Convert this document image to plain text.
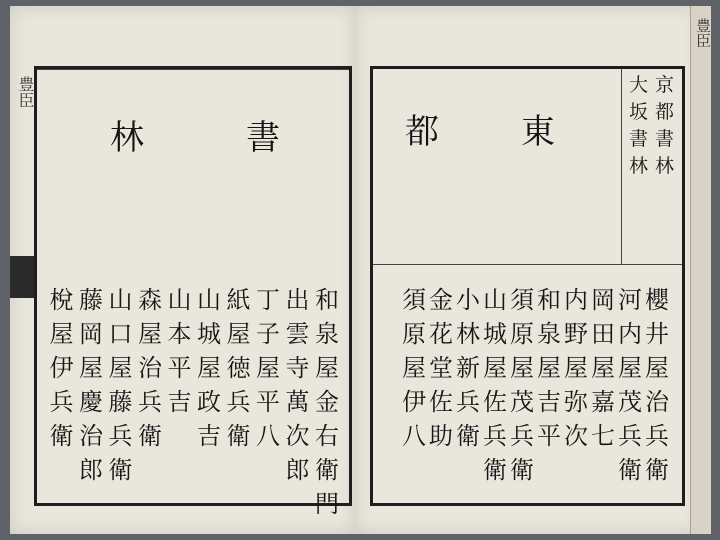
豊臣
林	書
和
泉
屋
金
右
衛
門
出
雲
寺
萬
次
郎
丁
子
屋
平
八
紙
屋
徳
兵
衛
山
城
屋
政
吉
山
本
平
吉
森
屋
治
兵
衛
山
口
屋
藤
兵
衛
藤
岡
屋
慶
治
郎
梲
屋
伊
兵
衛
都 東
京
都
書
林
大
坂
書
林
櫻
井
屋
治
兵
衛
河
内
屋
茂
兵
衛
岡
田
屋
嘉
七
内
野
屋
弥
次
和
泉
屋
吉
平
須
原
屋
茂
兵
衛
山
城
屋
佐
兵
衛
小
林
新
兵
衛
金
花
堂
佐
助
須
原
屋
伊
八
豊臣
